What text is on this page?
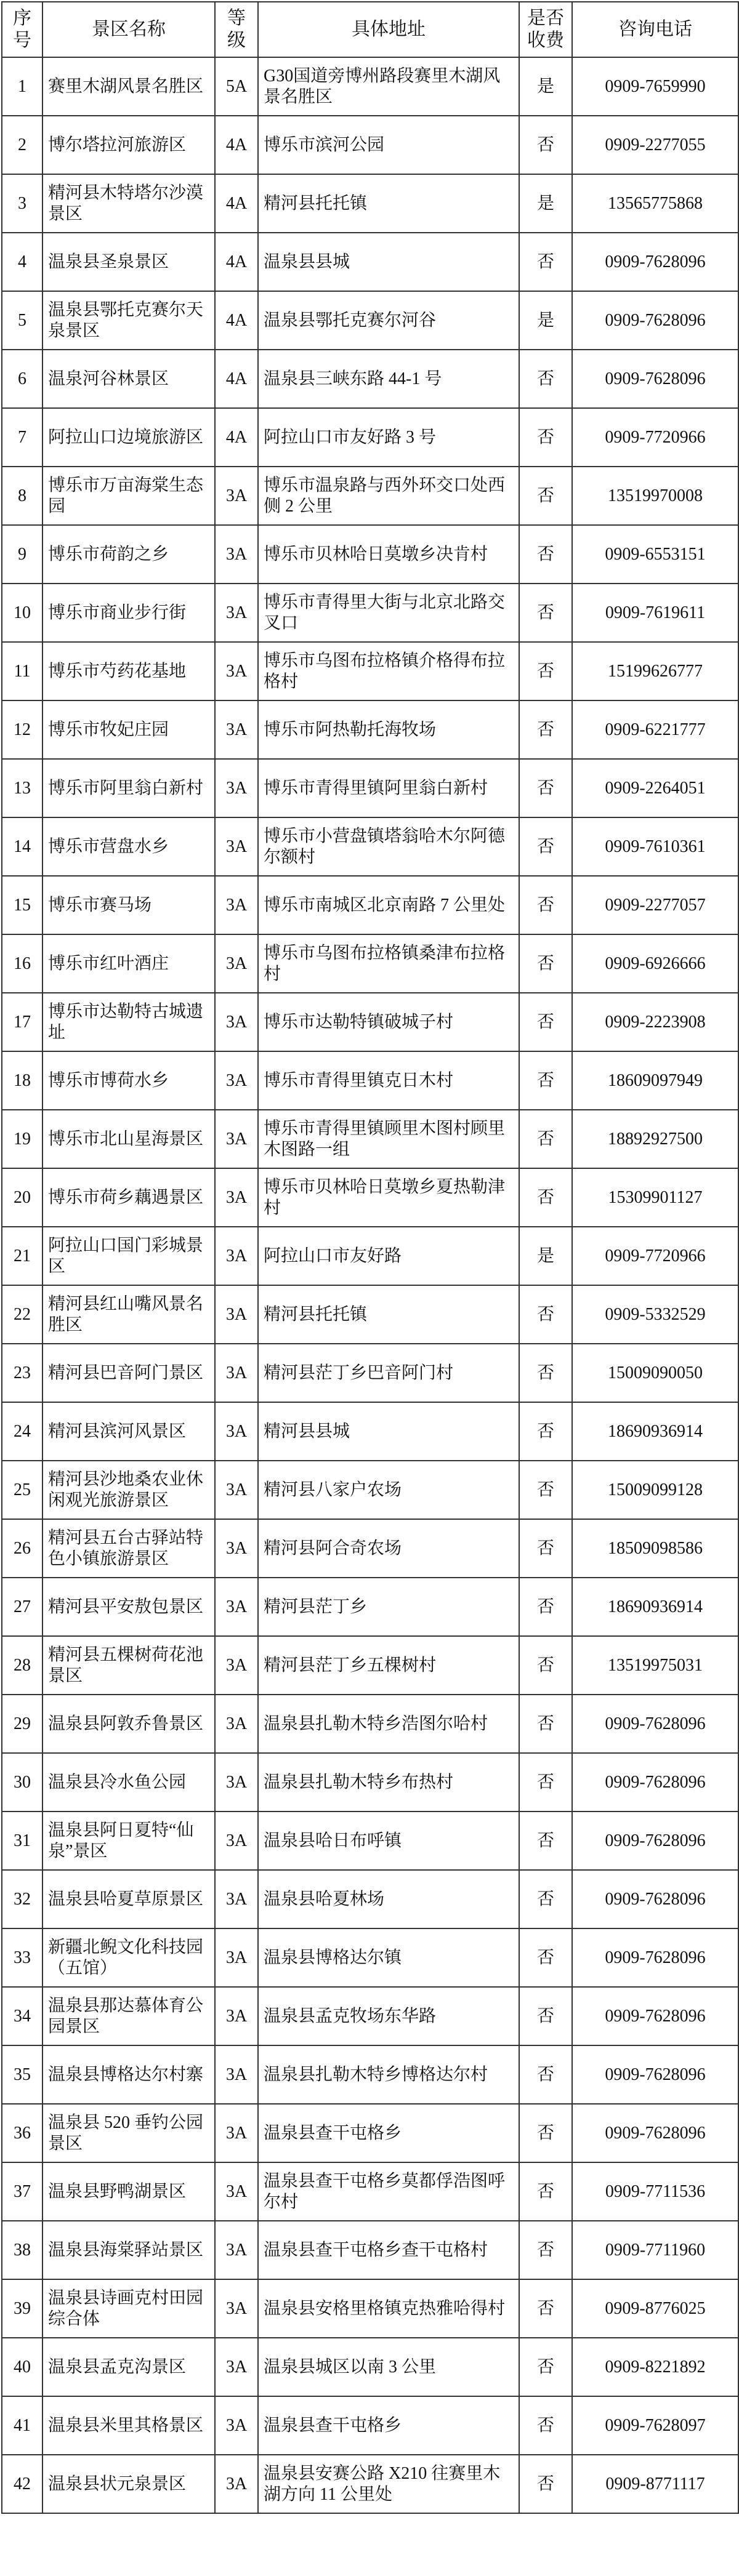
序号	景区名称	等级	具体地址	是否收费	咨询电话
1	赛里木湖风景名胜区	5A	G30国道旁博州路段赛里木湖风景名胜区	是	0909-7659990
2	博尔塔拉河旅游区	4A	博乐市滨河公园	否	0909-2277055
3	精河县木特塔尔沙漠景区	4A	精河县托托镇	是	13565775868
4	温泉县圣泉景区	4A	温泉县县城	否	0909-7628096
5	温泉县鄂托克赛尔天泉景区	4A	温泉县鄂托克赛尔河谷	是	0909-7628096
6	温泉河谷林景区	4A	温泉县三峡东路 44-1 号	否	0909-7628096
7	阿拉山口边境旅游区	4A	阿拉山口市友好路 3 号	否	0909-7720966
8	博乐市万亩海棠生态园	3A	博乐市温泉路与西外环交口处西侧 2 公里	否	13519970008
9	博乐市荷韵之乡	3A	博乐市贝林哈日莫墩乡决肯村	否	0909-6553151
10	博乐市商业步行街	3A	博乐市青得里大街与北京北路交叉口	否	0909-7619611
11	博乐市芍药花基地	3A	博乐市乌图布拉格镇介格得布拉格村	否	15199626777
12	博乐市牧妃庄园	3A	博乐市阿热勒托海牧场	否	0909-6221777
13	博乐市阿里翁白新村	3A	博乐市青得里镇阿里翁白新村	否	0909-2264051
14	博乐市营盘水乡	3A	博乐市小营盘镇塔翁哈木尔阿德尔额村	否	0909-7610361
15	博乐市赛马场	3A	博乐市南城区北京南路 7 公里处	否	0909-2277057
16	博乐市红叶酒庄	3A	博乐市乌图布拉格镇桑津布拉格村	否	0909-6926666
17	博乐市达勒特古城遗址	3A	博乐市达勒特镇破城子村	否	0909-2223908
18	博乐市博荷水乡	3A	博乐市青得里镇克日木村	否	18609097949
19	博乐市北山星海景区	3A	博乐市青得里镇顾里木图村顾里木图路一组	否	18892927500
20	博乐市荷乡藕遇景区	3A	博乐市贝林哈日莫墩乡夏热勒津村	否	15309901127
21	阿拉山口国门彩城景区	3A	阿拉山口市友好路	是	0909-7720966
22	精河县红山嘴风景名胜区	3A	精河县托托镇	否	0909-5332529
23	精河县巴音阿门景区	3A	精河县茫丁乡巴音阿门村	否	15009090050
24	精河县滨河风景区	3A	精河县县城	否	18690936914
25	精河县沙地桑农业休闲观光旅游景区	3A	精河县八家户农场	否	15009099128
26	精河县五台古驿站特色小镇旅游景区	3A	精河县阿合奇农场	否	18509098586
27	精河县平安敖包景区	3A	精河县茫丁乡	否	18690936914
28	精河县五棵树荷花池景区	3A	精河县茫丁乡五棵树村	否	13519975031
29	温泉县阿敦乔鲁景区	3A	温泉县扎勒木特乡浩图尔哈村	否	0909-7628096
30	温泉县冷水鱼公园	3A	温泉县扎勒木特乡布热村	否	0909-7628096
31	温泉县阿日夏特“仙泉”景区	3A	温泉县哈日布呼镇	否	0909-7628096
32	温泉县哈夏草原景区	3A	温泉县哈夏林场	否	0909-7628096
33	新疆北鲵文化科技园（五馆）	3A	温泉县博格达尔镇	否	0909-7628096
34	温泉县那达慕体育公园景区	3A	温泉县孟克牧场东华路	否	0909-7628096
35	温泉县博格达尔村寨	3A	温泉县扎勒木特乡博格达尔村	否	0909-7628096
36	温泉县 520 垂钓公园景区	3A	温泉县查干屯格乡	否	0909-7628096
37	温泉县野鸭湖景区	3A	温泉县查干屯格乡莫都俘浩图呼尔村	否	0909-7711536
38	温泉县海棠驿站景区	3A	温泉县查干屯格乡查干屯格村	否	0909-7711960
39	温泉县诗画克村田园综合体	3A	温泉县安格里格镇克热雅哈得村	否	0909-8776025
40	温泉县孟克沟景区	3A	温泉县城区以南 3 公里	否	0909-8221892
41	温泉县米里其格景区	3A	温泉县查干屯格乡	否	0909-7628097
42	温泉县状元泉景区	3A	温泉县安赛公路 X210 往赛里木湖方向 11 公里处	否	0909-8771117
